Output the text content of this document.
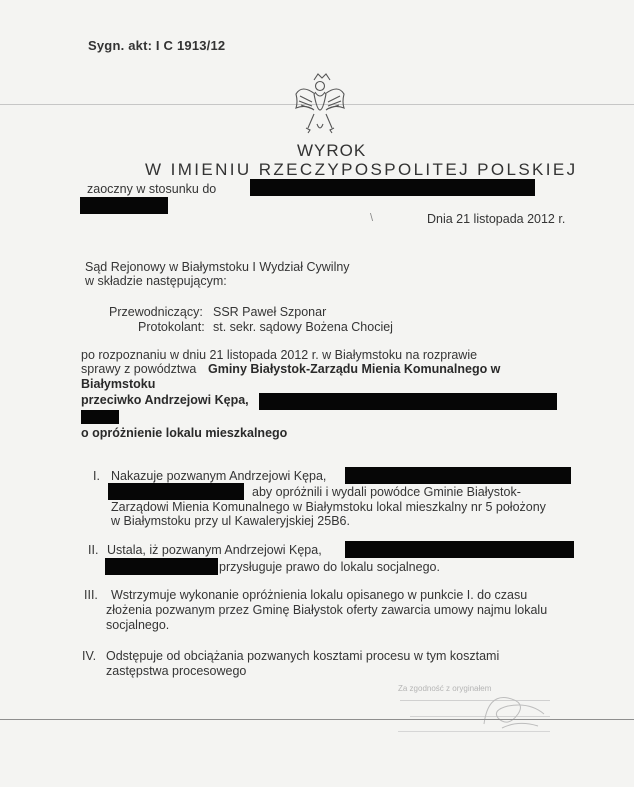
Sygn. akt: I C 1913/12
WYROK
W IMIENIU RZECZYPOSPOLITEJ POLSKIEJ
zaoczny w stosunku do
\	Dnia 21 listopada 2012 r.
Sąd Rejonowy w Białymstoku I Wydział Cywilny
w składzie następującym:
Przewodniczący: SSR Paweł Szponar
Protokolant: st. sekr. sądowy Bożena Chociej
po rozpoznaniu w dniu 21 listopada 2012 r. w Białymstoku na rozprawie
sprawy z powództwa Gminy Białystok-Zarządu Mienia Komunalnego w
Białymstoku
przeciwko Andrzejowi Kępa,
o opróżnienie lokalu mieszkalnego
I. Nakazuje pozwanym Andrzejowi Kępa,
aby opróżnili i wydali powódce Gminie Białystok-
Zarządowi Mienia Komunalnego w Białymstoku lokal mieszkalny nr 5 położony
w Białymstoku przy ul Kawaleryjskiej 25B6.
II. Ustala, iż pozwanym Andrzejowi Kępa,
przysługuje prawo do lokalu socjalnego.
III. Wstrzymuje wykonanie opróżnienia lokalu opisanego w punkcie I. do czasu
złożenia pozwanym przez Gminę Białystok oferty zawarcia umowy najmu lokalu
socjalnego.
IV. Odstępuje od obciążania pozwanych kosztami procesu w tym kosztami
zastępstwa procesowego
Za zgodność z oryginałem
